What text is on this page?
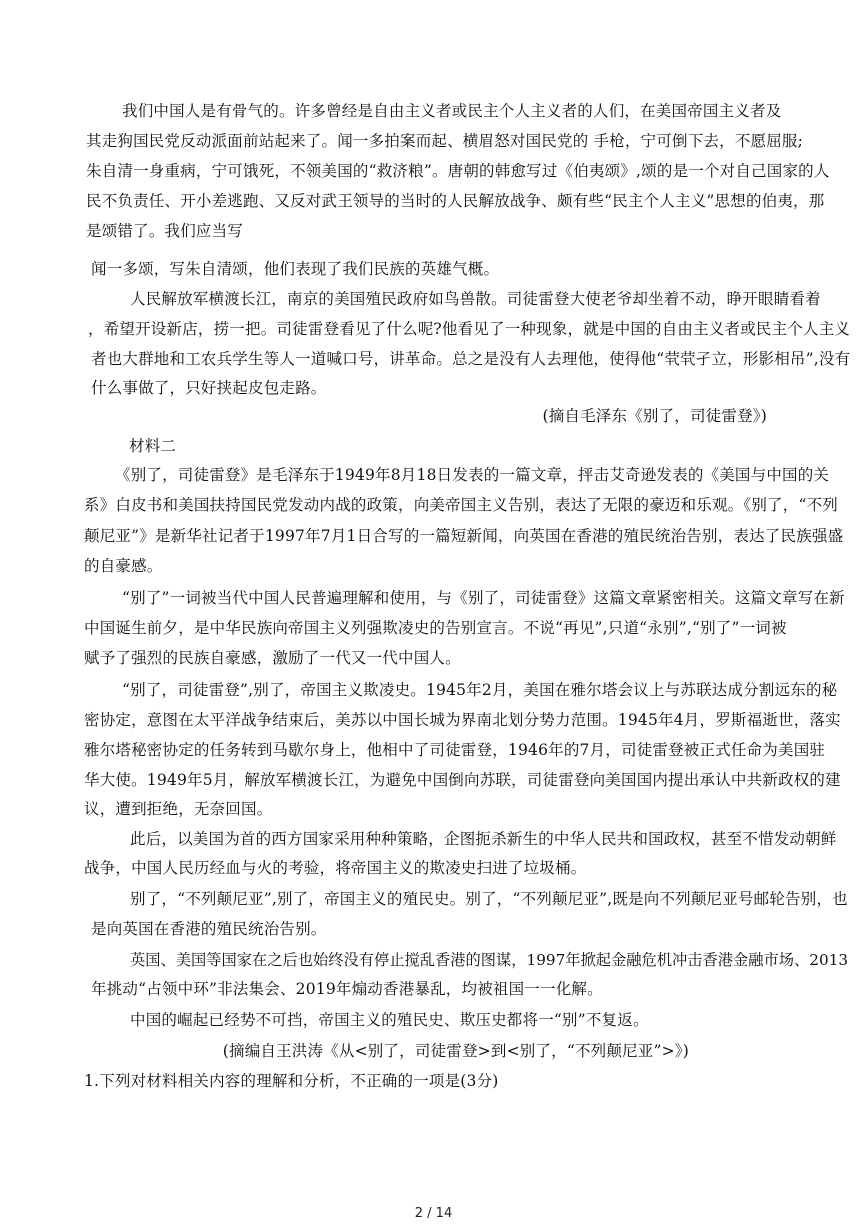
我们中国人是有骨气的。许多曾经是自由主义者或民主个人主义者的人们，在美国帝国主义者及
其走狗国民党反动派面前站起来了。闻一多拍案而起、横眉怒对国民党的 手枪，宁可倒下去，不愿屈服;
朱自清一身重病，宁可饿死，不领美国的“救济粮”。唐朝的韩愈写过《伯夷颂》,颂的是一个对自己国家的人
民不负责任、开小差逃跑、又反对武王领导的当时的人民解放战争、颇有些“民主个人主义”思想的伯夷，那
是颂错了。我们应当写
闻一多颂，写朱自清颂，他们表现了我们民族的英雄气概。
人民解放军横渡长江，南京的美国殖民政府如鸟兽散。司徒雷登大使老爷却坐着不动，睁开眼睛看着
，希望开设新店，捞一把。司徒雷登看见了什么呢?他看见了一种现象，就是中国的自由主义者或民主个人主义
者也大群地和工农兵学生等人一道喊口号，讲革命。总之是没有人去理他，使得他“茕茕孑立，形影相吊”,没有
什么事做了，只好挟起皮包走路。
(摘自毛泽东《别了，司徒雷登》)
材料二
《别了，司徒雷登》是毛泽东于1949年8月18日发表的一篇文章，抨击艾奇逊发表的《美国与中国的关
系》白皮书和美国扶持国民党发动内战的政策，向美帝国主义告别，表达了无限的豪迈和乐观。《别了，“不列
颠尼亚”》是新华社记者于1997年7月1日合写的一篇短新闻，向英国在香港的殖民统治告别，表达了民族强盛
的自豪感。
“别了”一词被当代中国人民普遍理解和使用，与《别了，司徒雷登》这篇文章紧密相关。这篇文章写在新
中国诞生前夕，是中华民族向帝国主义列强欺凌史的告别宣言。不说“再见”,只道“永别”,“别了”一词被
赋予了强烈的民族自豪感，激励了一代又一代中国人。
“别了，司徒雷登”,别了，帝国主义欺凌史。1945年2月，美国在雅尔塔会议上与苏联达成分割远东的秘
密协定，意图在太平洋战争结束后，美苏以中国长城为界南北划分势力范围。1945年4月，罗斯福逝世，落实
雅尔塔秘密协定的任务转到马歇尔身上，他相中了司徒雷登，1946年的7月，司徒雷登被正式任命为美国驻
华大使。1949年5月，解放军横渡长江，为避免中国倒向苏联，司徒雷登向美国国内提出承认中共新政权的建
议，遭到拒绝，无奈回国。
此后，以美国为首的西方国家采用种种策略，企图扼杀新生的中华人民共和国政权，甚至不惜发动朝鲜
战争，中国人民历经血与火的考验，将帝国主义的欺凌史扫进了垃圾桶。
别了，“不列颠尼亚”,别了，帝国主义的殖民史。别了，“不列颠尼亚”,既是向不列颠尼亚号邮轮告别，也
是向英国在香港的殖民统治告别。
英国、美国等国家在之后也始终没有停止搅乱香港的图谋，1997年掀起金融危机冲击香港金融市场、2013
年挑动“占领中环”非法集会、2019年煽动香港暴乱，均被祖国一一化解。
中国的崛起已经势不可挡，帝国主义的殖民史、欺压史都将一“别”不复返。
(摘编自王洪涛《从<别了，司徒雷登>到<别了，“不列颠尼亚”>》)
1.下列对材料相关内容的理解和分析，不正确的一项是(3分)
2 / 14
